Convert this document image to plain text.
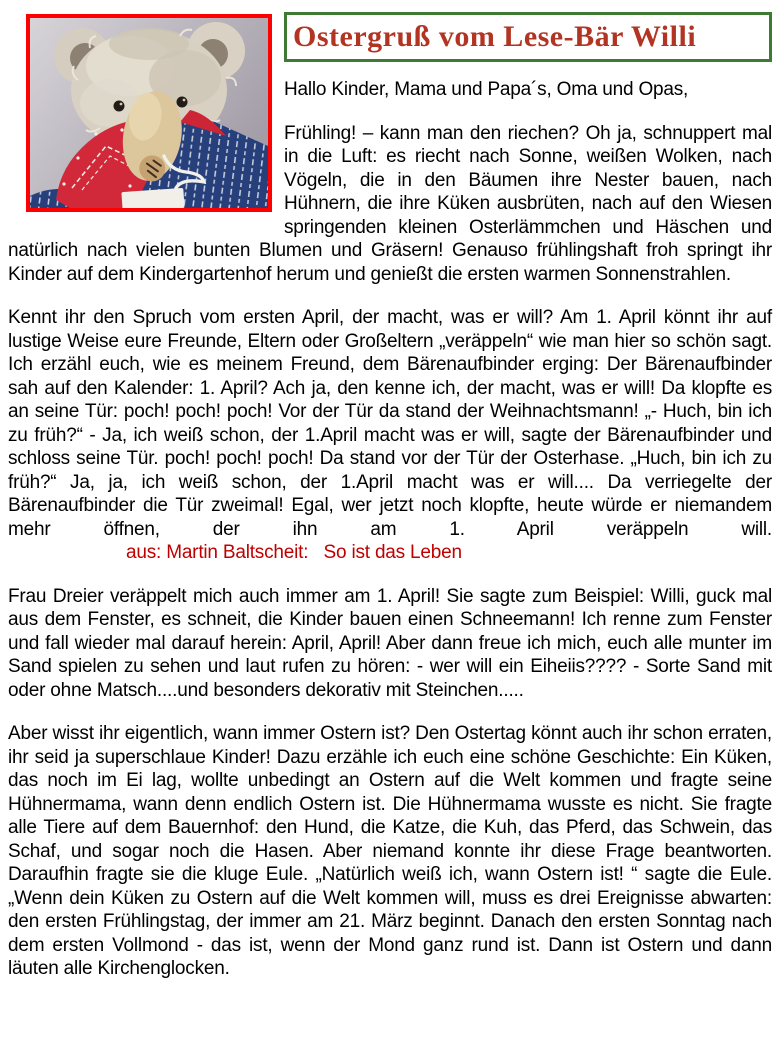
Ostergruß vom Lese-Bär Willi

Hallo Kinder, Mama und Papa´s, Oma und Opas,

Frühling! – kann man den riechen? Oh ja, schnuppert mal in die Luft: es riecht nach Sonne, weißen Wolken, nach Vögeln, die in den Bäumen ihre Nester bauen, nach Hühnern, die ihre Küken ausbrüten, nach auf den Wiesen springenden kleinen Osterlämmchen und Häschen und natürlich nach vielen bunten Blumen und Gräsern! Genauso frühlingshaft froh springt ihr Kinder auf dem Kindergartenhof herum und genießt die ersten warmen Sonnenstrahlen.

Kennt ihr den Spruch vom ersten April, der macht, was er will? Am 1. April könnt ihr auf lustige Weise eure Freunde, Eltern oder Großeltern „veräppeln“ wie man hier so schön sagt. Ich erzähl euch, wie es meinem Freund, dem Bärenaufbinder erging: Der Bärenaufbinder sah auf den Kalender: 1. April? Ach ja, den kenne ich, der macht, was er will! Da klopfte es an seine Tür: poch! poch! poch! Vor der Tür da stand der Weihnachtsmann! „- Huch, bin ich zu früh?“ - Ja, ich weiß schon, der 1.April macht was er will, sagte der Bärenaufbinder und schloss seine Tür. poch! poch! poch! Da stand vor der Tür der Osterhase. „Huch, bin ich zu früh?“ Ja, ja, ich weiß schon, der 1.April macht was er will.... Da verriegelte der Bärenaufbinder die Tür zweimal! Egal, wer jetzt noch klopfte, heute würde er niemandem mehr öffnen, der ihn am 1. April veräppeln will.aus: Martin Baltscheit:   So ist das Leben

Frau Dreier veräppelt mich auch immer am 1. April! Sie sagte zum Beispiel: Willi, guck mal aus dem Fenster, es schneit, die Kinder bauen einen Schneemann! Ich renne zum Fenster und fall wieder mal darauf herein: April, April! Aber dann freue ich mich, euch alle munter im Sand spielen zu sehen und laut rufen zu hören: - wer will ein Eiheiis???? - Sorte Sand mit oder ohne Matsch....und besonders dekorativ mit Steinchen.....

Aber wisst ihr eigentlich, wann immer Ostern ist? Den Ostertag könnt auch ihr schon erraten, ihr seid ja superschlaue Kinder! Dazu erzähle ich euch eine schöne Geschichte: Ein Küken, das noch im Ei lag, wollte unbedingt an Ostern auf die Welt kommen und fragte seine Hühnermama, wann denn endlich Ostern ist. Die Hühnermama wusste es nicht. Sie fragte alle Tiere auf dem Bauernhof: den Hund, die Katze, die Kuh, das Pferd, das Schwein, das Schaf, und sogar noch die Hasen. Aber niemand konnte ihr diese Frage beantworten. Daraufhin fragte sie die kluge Eule. „Natürlich weiß ich, wann Ostern ist! “ sagte die Eule. „Wenn dein Küken zu Ostern auf die Welt kommen will, muss es drei Ereignisse abwarten: den ersten Frühlingstag, der immer am 21. März beginnt. Danach den ersten Sonntag nach dem ersten Vollmond - das ist, wenn der Mond ganz rund ist. Dann ist Ostern und dann läuten alle Kirchenglocken.
